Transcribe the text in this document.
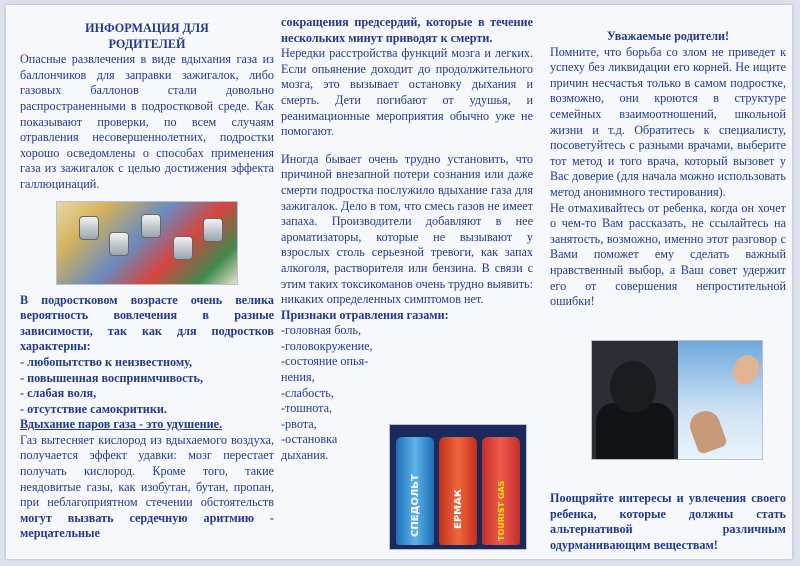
ИНФОРМАЦИЯ ДЛЯ

РОДИТЕЛЕЙ

Опасные развлечения в виде вдыхания газа из баллончиков для заправки зажигалок, либо газовых баллонов стали довольно распространенными в подростковой среде. Как показывают проверки, по всем случаям отравления несовершеннолетних, подростки хорошо осведомлены о способах применения газа из зажигалок с целью достижения эффекта галлюцинаций.

В подростковом возрасте очень велика вероятность вовлечения в разные зависимости, так как для подростков характерны:

- любопытство к неизвестному,

- повышенная восприимчивость,

- слабая воля,

- отсутствие самокритики.

Вдыхание паров газа - это удушение.

Газ вытесняет кислород из вдыхаемого воздуха, получается эффект удавки: мозг перестает получать кислород. Кроме того, такие неядовитые газы, как изобутан, бутан, пропан, при неблагоприятном стечении обстоятельств могут вызвать сердечную аритмию - мерцательные

сокращения предсердий, которые в течение нескольких минут приводят к смерти.

Нередки расстройства функций мозга и легких. Если опьянение доходит до продолжительного мозга, это вызывает остановку дыхания и смерть. Дети погибают от удушья, и реанимационные мероприятия обычно уже не помогают.

Иногда бывает очень трудно установить, что причиной внезапной потери сознания или даже смерти подростка послужило вдыхание газа для зажигалок. Дело в том, что смесь газов не имеет запаха. Производители добавляют в нее ароматизаторы, которые не вызывают у взрослых столь серьезной тревоги, как запах алкоголя, растворителя или бензина. В связи с этим таких токсикоманов очень трудно выявить: никаких определенных симптомов нет.

Признаки отравления газами:

-головная боль,

-головокружение,

-состояние опья-

нения,

-слабость,

-тошнота,

-рвота,

-остановка

дыхания.

СПЕДОЛЬТ	ЕРМАК	TOURIST GAS

Уважаемые родители!

Помните, что борьба со злом не приведет к успеху без ликвидации его корней. Не ищите причин несчастья только в самом подростке, возможно, они кроются в структуре семейных взаимоотношений, школьной жизни и т.д. Обратитесь к специалисту, посоветуйтесь с разными врачами, выберите тот метод и того врача, который вызовет у Вас доверие (для начала можно использовать метод анонимного тестирования).

Не отмахивайтесь от ребенка, когда он хочет о чем-то Вам рассказать, не ссылайтесь на занятость, возможно, именно этот разговор с Вами поможет ему сделать важный нравственный выбор, а Ваш совет удержит его от совершения непростительной ошибки!

Поощряйте интересы и увлечения своего ребенка, которые должны стать альтернативой различным одурманивающим веществам!
